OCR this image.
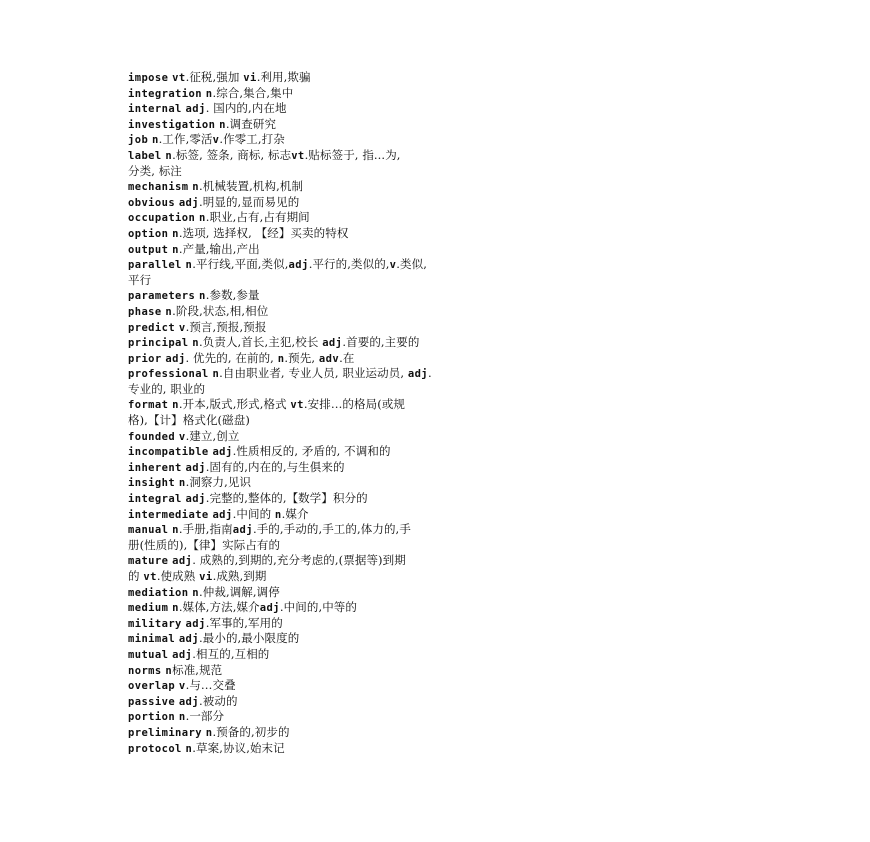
impose vt.征税,强加 vi.利用,欺骗
integration n.综合,集合,集中
internal adj. 国内的,内在地
investigation n.调查研究
job n.工作,零活v.作零工,打杂
label n.标签, 签条, 商标, 标志vt.贴标签于, 指...为,
分类, 标注
mechanism n.机械装置,机构,机制
obvious adj.明显的,显而易见的
occupation n.职业,占有,占有期间
option n.选项, 选择权, 【经】买卖的特权
output n.产量,输出,产出
parallel n.平行线,平面,类似,adj.平行的,类似的,v.类似,
平行
parameters n.参数,参量
phase n.阶段,状态,相,相位
predict v.预言,预报,预报
principal n.负责人,首长,主犯,校长 adj.首要的,主要的
prior adj. 优先的, 在前的, n.预先, adv.在
professional n.自由职业者, 专业人员, 职业运动员, adj.
专业的, 职业的
format n.开本,版式,形式,格式 vt.安排…的格局(或规
格),【计】格式化(磁盘)
founded v.建立,创立
incompatible adj.性质相反的, 矛盾的, 不调和的
inherent adj.固有的,内在的,与生俱来的
insight n.洞察力,见识
integral adj.完整的,整体的,【数学】积分的
intermediate adj.中间的 n.媒介
manual n.手册,指南adj.手的,手动的,手工的,体力的,手
册(性质的),【律】实际占有的
mature adj. 成熟的,到期的,充分考虑的,(票据等)到期
的 vt.使成熟 vi.成熟,到期
mediation n.仲裁,调解,调停
medium n.媒体,方法,媒介adj.中间的,中等的
military adj.军事的,军用的
minimal adj.最小的,最小限度的
mutual adj.相互的,互相的
norms n标准,规范
overlap v.与…交叠
passive adj.被动的
portion n.一部分
preliminary n.预备的,初步的
protocol n.草案,协议,始末记
